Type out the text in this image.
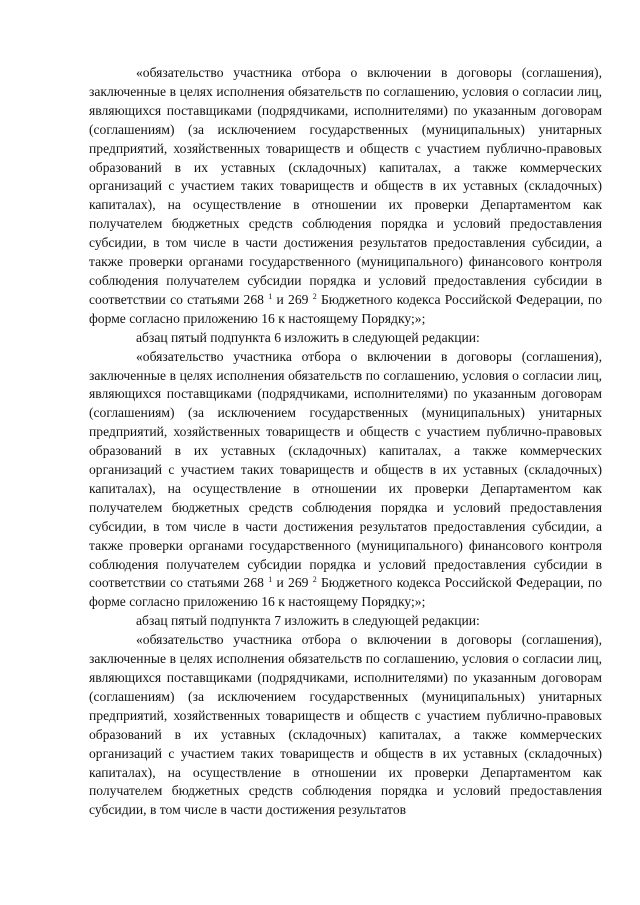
«обязательство участника отбора о включении в договоры (соглашения), заключенные в целях исполнения обязательств по соглашению, условия о согласии лиц, являющихся поставщиками (подрядчиками, исполнителями) по указанным договорам (соглашениям) (за исключением государственных (муниципальных) унитарных предприятий, хозяйственных товариществ и обществ с участием публично-правовых образований в их уставных (складочных) капиталах, а также коммерческих организаций с участием таких товариществ и обществ в их уставных (складочных) капиталах), на осуществление в отношении их проверки Департаментом как получателем бюджетных средств соблюдения порядка и условий предоставления субсидии, в том числе в части достижения результатов предоставления субсидии, а также проверки органами государственного (муниципального) финансового контроля соблюдения получателем субсидии порядка и условий предоставления субсидии в соответствии со статьями 268 $^1$ и 269 $^2$ Бюджетного кодекса Российской Федерации, по форме согласно приложению 16 к настоящему Порядку;»;

абзац пятый подпункта 6 изложить в следующей редакции:

«обязательство участника отбора о включении в договоры (соглашения), заключенные в целях исполнения обязательств по соглашению, условия о согласии лиц, являющихся поставщиками (подрядчиками, исполнителями) по указанным договорам (соглашениям) (за исключением государственных (муниципальных) унитарных предприятий, хозяйственных товариществ и обществ с участием публично-правовых образований в их уставных (складочных) капиталах, а также коммерческих организаций с участием таких товариществ и обществ в их уставных (складочных) капиталах), на осуществление в отношении их проверки Департаментом как получателем бюджетных средств соблюдения порядка и условий предоставления субсидии, в том числе в части достижения результатов предоставления субсидии, а также проверки органами государственного (муниципального) финансового контроля соблюдения получателем субсидии порядка и условий предоставления субсидии в соответствии со статьями 268 $^1$ и 269 $^2$ Бюджетного кодекса Российской Федерации, по форме согласно приложению 16 к настоящему Порядку;»;

абзац пятый подпункта 7 изложить в следующей редакции:

«обязательство участника отбора о включении в договоры (соглашения), заключенные в целях исполнения обязательств по соглашению, условия о согласии лиц, являющихся поставщиками (подрядчиками, исполнителями) по указанным договорам (соглашениям) (за исключением государственных (муниципальных) унитарных предприятий, хозяйственных товариществ и обществ с участием публично-правовых образований в их уставных (складочных) капиталах, а также коммерческих организаций с участием таких товариществ и обществ в их уставных (складочных) капиталах), на осуществление в отношении их проверки Департаментом как получателем бюджетных средств соблюдения порядка и условий предоставления субсидии, в том числе в части достижения результатов
